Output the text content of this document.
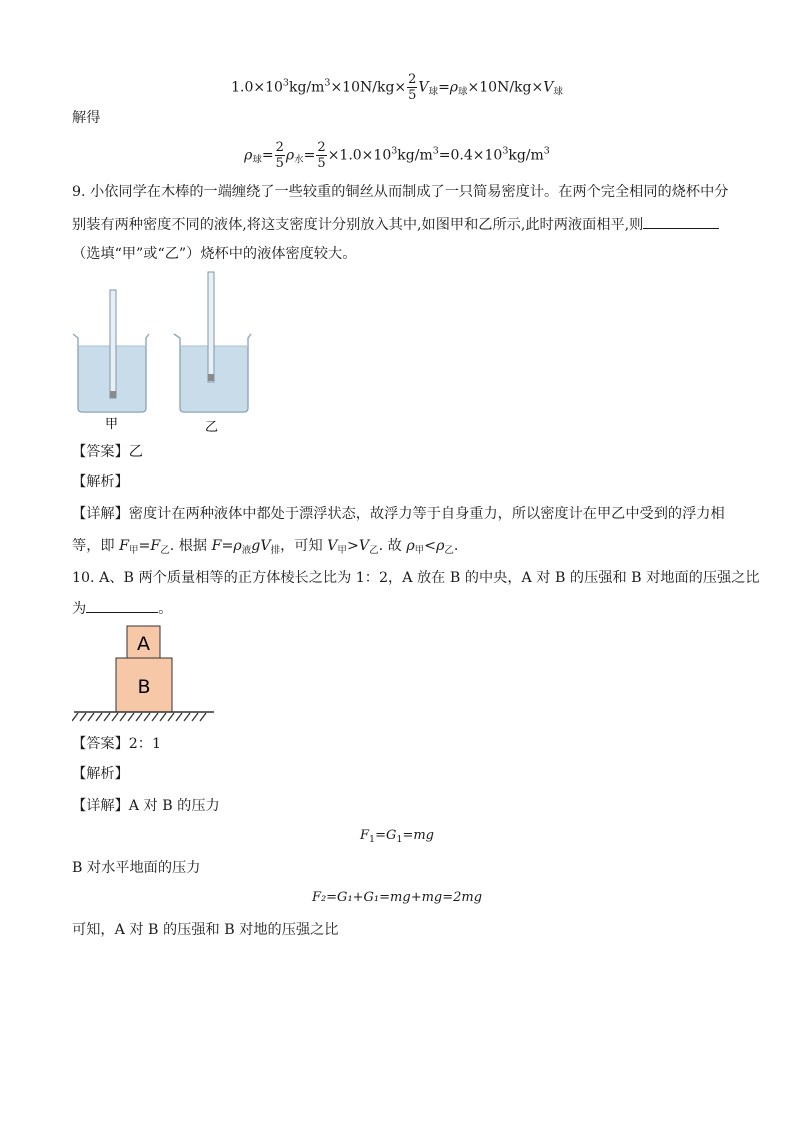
$1.0\times 10^3kg/m^3\times 10N/kg\times \frac{2}{5} V_球=\rho_球\times 10N/kg\times V_球$
解得
$\rho_球= \frac{2}{5} \rho_水= \frac{2}{5} \times 1.0\times 10^3kg/m^3=0.4\times 10^3kg/m^3$
9. 小依同学在木棒的一端缠绕了一些较重的铜丝从而制成了一只简易密度计。在两个完全相同的烧杯中分
别装有两种密度不同的液体,将这支密度计分别放入其中,如图甲和乙所示,此时两液面相平,则
（选填“甲”或“乙”）烧杯中的液体密度较大。
甲	乙
【答案】乙
【解析】
【详解】密度计在两种液体中都处于漂浮状态，故浮力等于自身重力，所以密度计在甲乙中受到的浮力相
等，即 $F_甲=F_乙$. 根据 $F=\rho_液gV_排$，可知 $V_甲>V_乙$. 故 $\rho_甲<\rho_乙$.
10. A、B 两个质量相等的正方体棱长之比为 1：2，A 放在 B 的中央，A 对 B 的压强和 B 对地面的压强之比
为	。
A
B
【答案】2：1
【解析】
【详解】A 对 B 的压力
$F_1=G_1=mg$
B 对水平地面的压力
F₂=G₁+G₁=mg+mg=2mg
可知，A 对 B 的压强和 B 对地的压强之比
